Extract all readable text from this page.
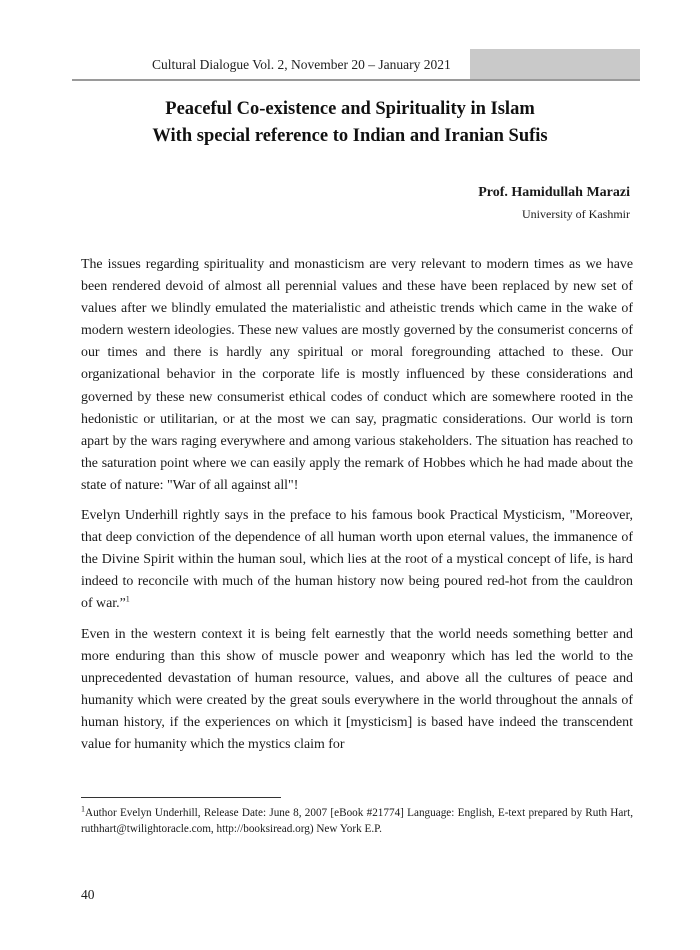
Cultural Dialogue Vol. 2, November 20 – January 2021
Peaceful Co-existence and Spirituality in Islam
With special reference to Indian and Iranian Sufis
Prof. Hamidullah Marazi
University of Kashmir

The issues regarding spirituality and monasticism are very relevant to modern times as we have been rendered devoid of almost all perennial values and these have been replaced by new set of values after we blindly emulated the materialistic and atheistic trends which came in the wake of modern western ideologies. These new values are mostly governed by the consumerist concerns of our times and there is hardly any spiritual or moral foregrounding attached to these. Our organizational behavior in the corporate life is mostly influenced by these considerations and governed by these new consumerist ethical codes of conduct which are somewhere rooted in the hedonistic or utilitarian, or at the most we can say, pragmatic considerations. Our world is torn apart by the wars raging everywhere and among various stakeholders. The situation has reached to the saturation point where we can easily apply the remark of Hobbes which he had made about the state of nature: "War of all against all"!

Evelyn Underhill rightly says in the preface to his famous book Practical Mysticism, "Moreover, that deep conviction of the dependence of all human worth upon eternal values, the immanence of the Divine Spirit within the human soul, which lies at the root of a mystical concept of life, is hard indeed to reconcile with much of the human history now being poured red-hot from the cauldron of war.”$^1$

Even in the western context it is being felt earnestly that the world needs something better and more enduring than this show of muscle power and weaponry which has led the world to the unprecedented devastation of human resource, values, and above all the cultures of peace and humanity which were created by the great souls everywhere in the world throughout the annals of human history, if the experiences on which it [mysticism] is based have indeed the transcendent value for humanity which the mystics claim for

$^1$Author Evelyn Underhill, Release Date: June 8, 2007 [eBook #21774] Language: English, E-text prepared by Ruth Hart, ruthhart@twilightoracle.com, http://booksiread.org) New York E.P.
40
